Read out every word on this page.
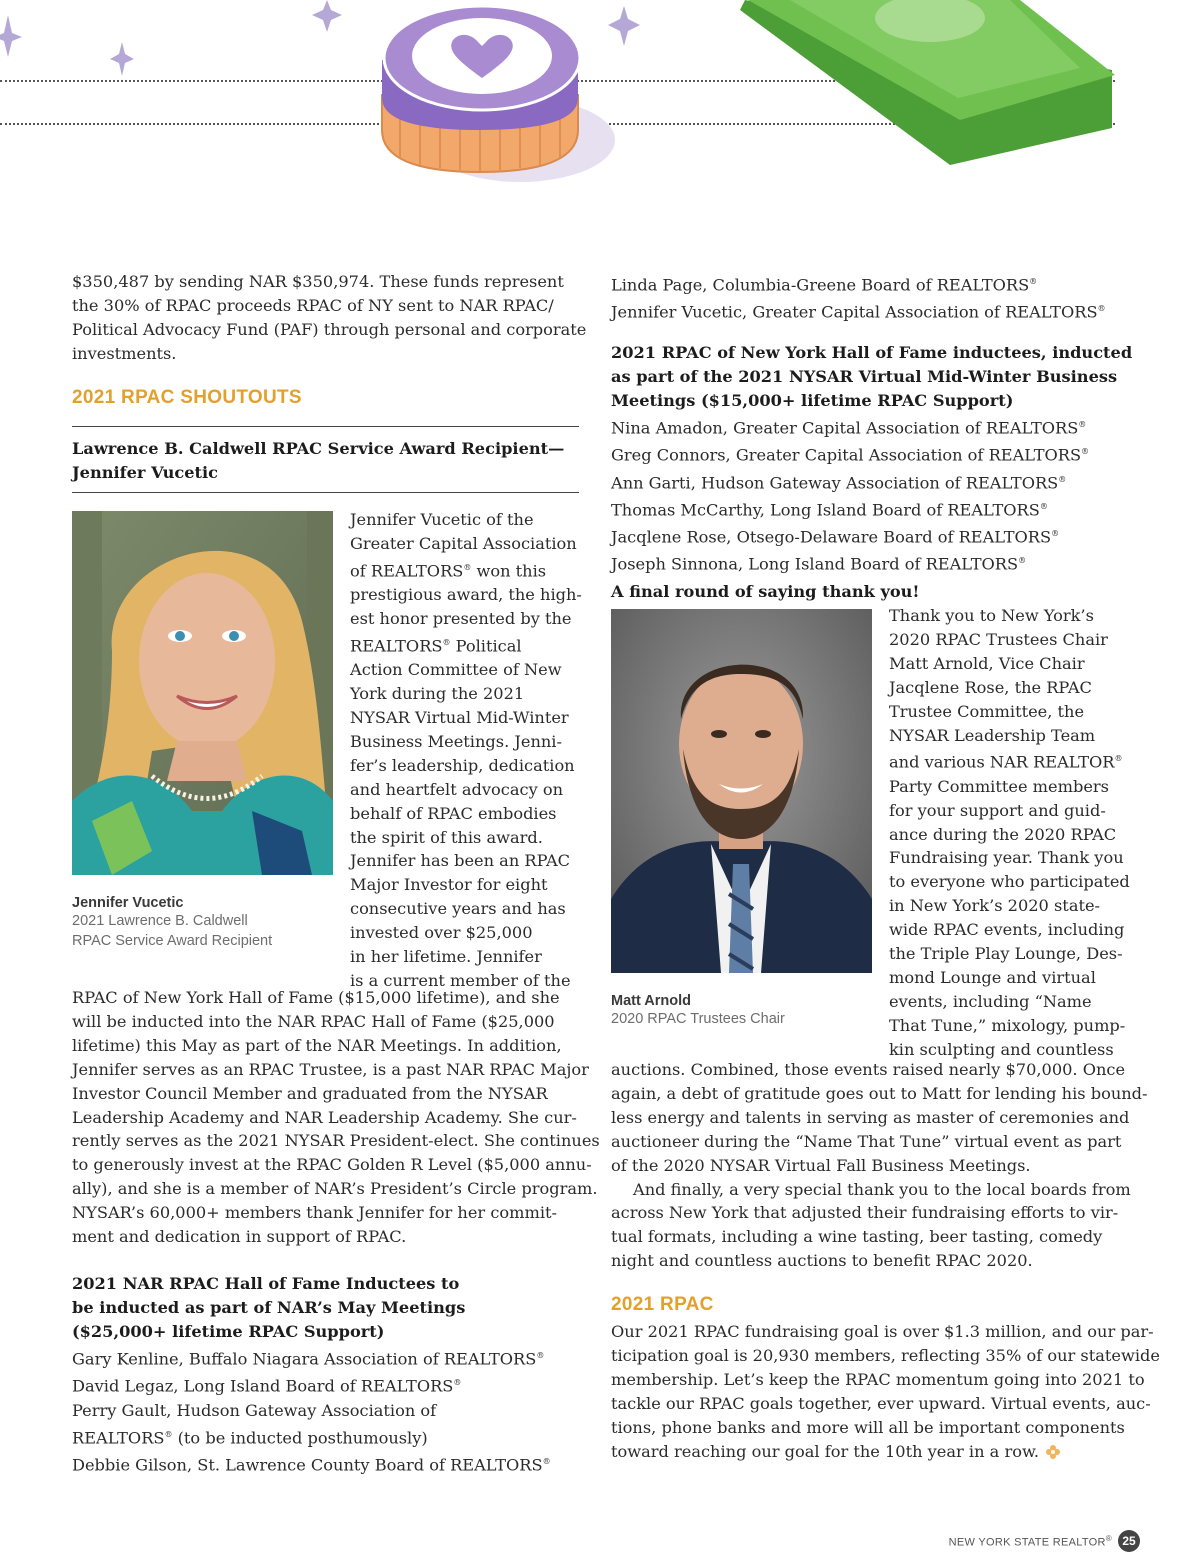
$350,487 by sending NAR $350,974. These funds represent
the 30% of RPAC proceeds RPAC of NY sent to NAR RPAC/
Political Advocacy Fund (PAF) through personal and corporate
investments.
2021 RPAC SHOUTOUTS
Lawrence B. Caldwell RPAC Service Award Recipient—
Jennifer Vucetic
Jennifer Vucetic
2021 Lawrence B. Caldwell
RPAC Service Award Recipient
Jennifer Vucetic of the
Greater Capital Association
of REALTORS® won this
prestigious award, the high-
est honor presented by the
REALTORS® Political
Action Committee of New
York during the 2021
NYSAR Virtual Mid-Winter
Business Meetings. Jenni-
fer’s leadership, dedication
and heartfelt advocacy on
behalf of RPAC embodies
the spirit of this award.
Jennifer has been an RPAC
Major Investor for eight
consecutive years and has
invested over $25,000
in her lifetime. Jennifer
is a current member of the
RPAC of New York Hall of Fame ($15,000 lifetime), and she
will be inducted into the NAR RPAC Hall of Fame ($25,000
lifetime) this May as part of the NAR Meetings. In addition,
Jennifer serves as an RPAC Trustee, is a past NAR RPAC Major
Investor Council Member and graduated from the NYSAR
Leadership Academy and NAR Leadership Academy. She cur-
rently serves as the 2021 NYSAR President-elect. She continues
to generously invest at the RPAC Golden R Level ($5,000 annu-
ally), and she is a member of NAR’s President’s Circle program.
NYSAR’s 60,000+ members thank Jennifer for her commit-
ment and dedication in support of RPAC.
2021 NAR RPAC Hall of Fame Inductees to
be inducted as part of NAR’s May Meetings
($25,000+ lifetime RPAC Support)
Gary Kenline, Buffalo Niagara Association of REALTORS®
David Legaz, Long Island Board of REALTORS®
Perry Gault, Hudson Gateway Association of
REALTORS® (to be inducted posthumously)
Debbie Gilson, St. Lawrence County Board of REALTORS®
Linda Page, Columbia-Greene Board of REALTORS®
Jennifer Vucetic, Greater Capital Association of REALTORS®
2021 RPAC of New York Hall of Fame inductees, inducted
as part of the 2021 NYSAR Virtual Mid-Winter Business
Meetings ($15,000+ lifetime RPAC Support)
Nina Amadon, Greater Capital Association of REALTORS®
Greg Connors, Greater Capital Association of REALTORS®
Ann Garti, Hudson Gateway Association of REALTORS®
Thomas McCarthy, Long Island Board of REALTORS®
Jacqlene Rose, Otsego-Delaware Board of REALTORS®
Joseph Sinnona, Long Island Board of REALTORS®
A final round of saying thank you!
Matt Arnold
2020 RPAC Trustees Chair
Thank you to New York’s
2020 RPAC Trustees Chair
Matt Arnold, Vice Chair
Jacqlene Rose, the RPAC
Trustee Committee, the
NYSAR Leadership Team
and various NAR REALTOR®
Party Committee members
for your support and guid-
ance during the 2020 RPAC
Fundraising year. Thank you
to everyone who participated
in New York’s 2020 state-
wide RPAC events, including
the Triple Play Lounge, Des-
mond Lounge and virtual
events, including “Name
That Tune,” mixology, pump-
kin sculpting and countless
auctions. Combined, those events raised nearly $70,000. Once
again, a debt of gratitude goes out to Matt for lending his bound-
less energy and talents in serving as master of ceremonies and
auctioneer during the “Name That Tune” virtual event as part
of the 2020 NYSAR Virtual Fall Business Meetings.
And finally, a very special thank you to the local boards from
across New York that adjusted their fundraising efforts to vir-
tual formats, including a wine tasting, beer tasting, comedy
night and countless auctions to benefit RPAC 2020.
2021 RPAC
Our 2021 RPAC fundraising goal is over $1.3 million, and our par-
ticipation goal is 20,930 members, reflecting 35% of our statewide
membership. Let’s keep the RPAC momentum going into 2021 to
tackle our RPAC goals together, ever upward. Virtual events, auc-
tions, phone banks and more will all be important components
toward reaching our goal for the 10th year in a row.
NEW YORK STATE REALTOR® 25
